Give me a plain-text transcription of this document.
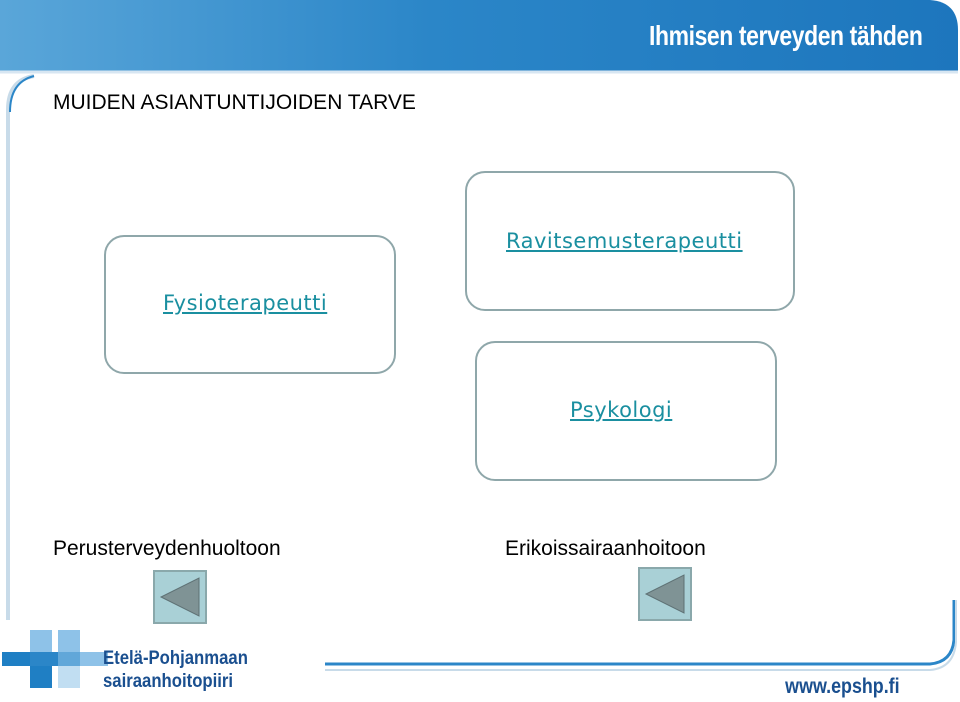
Ihmisen terveyden tähden
MUIDEN ASIANTUNTIJOIDEN TARVE
Fysioterapeutti
Ravitsemusterapeutti
Psykologi
Perusterveydenhuoltoon	Erikoissairaanhoitoon
Etelä-Pohjanmaan
sairaanhoitopiiri	www.epshp.fi
